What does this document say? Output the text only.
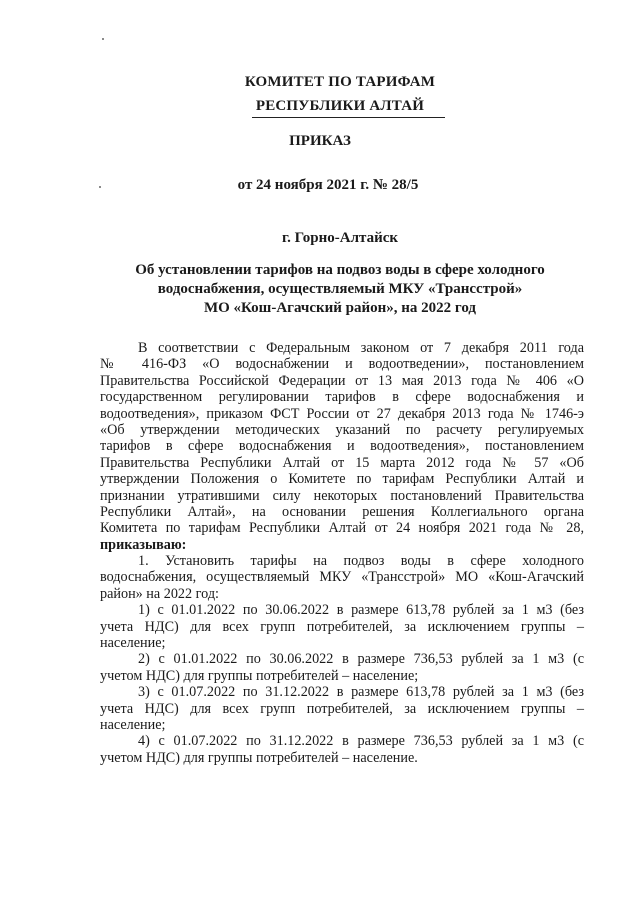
КОМИТЕТ ПО ТАРИФАМ
РЕСПУБЛИКИ АЛТАЙ
ПРИКАЗ
от 24 ноября 2021 г. № 28/5
г. Горно-Алтайск
Об установлении тарифов на подвоз воды в сфере холодного
водоснабжения, осуществляемый МКУ «Трансстрой»
МО «Кош-Агачский район», на 2022 год
В соответствии с Федеральным законом от 7 декабря 2011 года
№ 416-ФЗ «О водоснабжении и водоотведении», постановлением
Правительства Российской Федерации от 13 мая 2013 года № 406 «О
государственном регулировании тарифов в сфере водоснабжения и
водоотведения», приказом ФСТ России от 27 декабря 2013 года № 1746-э
«Об утверждении методических указаний по расчету регулируемых
тарифов в сфере водоснабжения и водоотведения», постановлением
Правительства Республики Алтай от 15 марта 2012 года № 57 «Об
утверждении Положения о Комитете по тарифам Республики Алтай и
признании утратившими силу некоторых постановлений Правительства
Республики Алтай», на основании решения Коллегиального органа
Комитета по тарифам Республики Алтай от 24 ноября 2021 года № 28,
приказываю:
1. Установить тарифы на подвоз воды в сфере холодного
водоснабжения, осуществляемый МКУ «Трансстрой» МО «Кош-Агачский
район» на 2022 год:
1) с 01.01.2022 по 30.06.2022 в размере 613,78 рублей за 1 м3 (без
учета НДС) для всех групп потребителей, за исключением группы –
население;
2) с 01.01.2022 по 30.06.2022 в размере 736,53 рублей за 1 м3 (с
учетом НДС) для группы потребителей – население;
3) с 01.07.2022 по 31.12.2022 в размере 613,78 рублей за 1 м3 (без
учета НДС) для всех групп потребителей, за исключением группы –
население;
4) с 01.07.2022 по 31.12.2022 в размере 736,53 рублей за 1 м3 (с
учетом НДС) для группы потребителей – население.
